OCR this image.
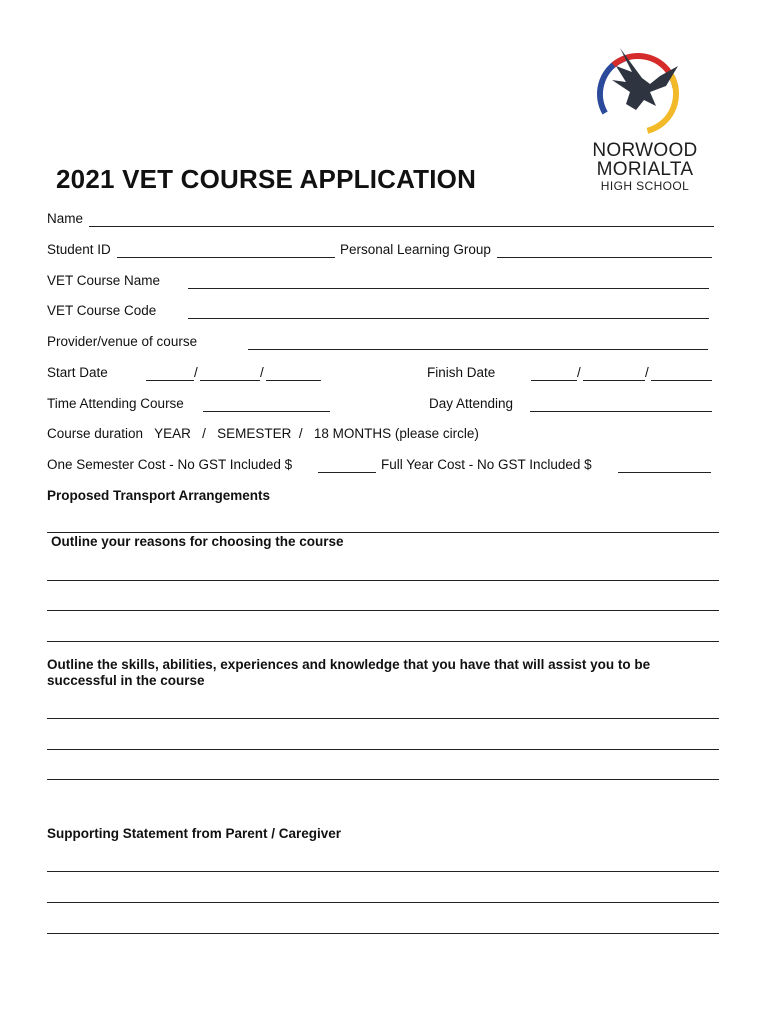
NORWOOD
MORIALTA
HIGH SCHOOL
2021 VET COURSE APPLICATION
Name
Student ID	Personal Learning Group
VET Course Name
VET Course Code
Provider/venue of course
Start Date	/	/	Finish Date	/	/
Time Attending Course	Day Attending
Course duration   YEAR   /   SEMESTER  /   18 MONTHS (please circle)
One Semester Cost - No GST Included $	Full Year Cost - No GST Included $
Proposed Transport Arrangements
Outline your reasons for choosing the course
Outline the skills, abilities, experiences and knowledge that you have that will assist you to be
successful in the course
Supporting Statement from Parent / Caregiver
